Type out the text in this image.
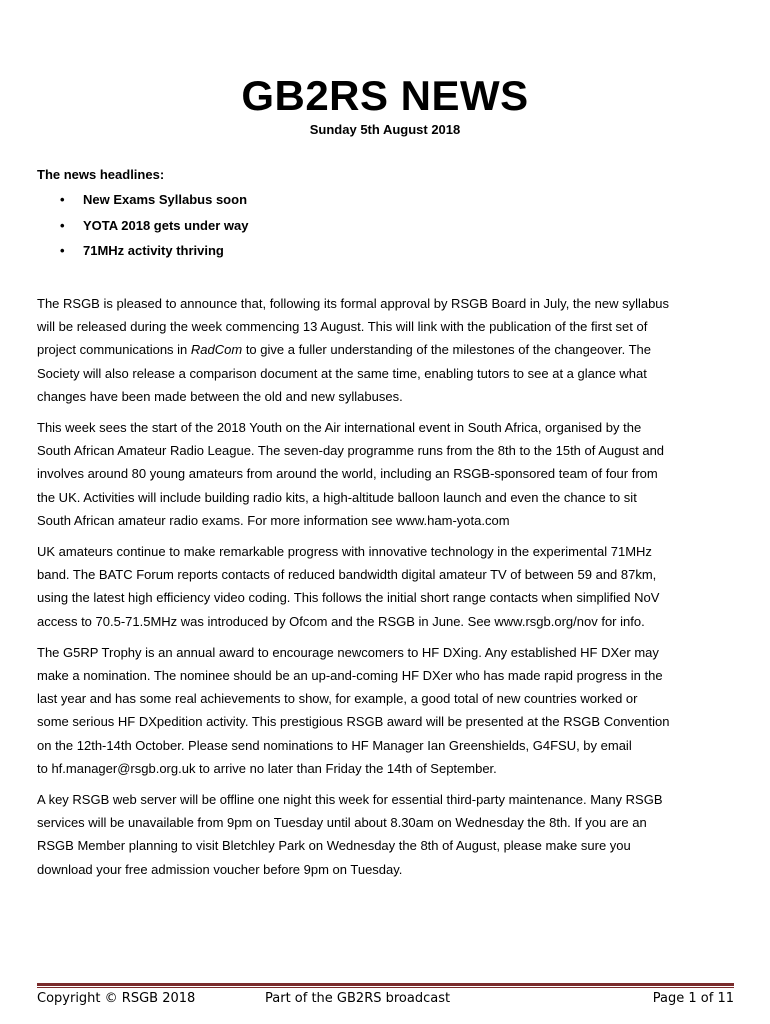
GB2RS NEWS
Sunday 5th August 2018
The news headlines:
• New Exams Syllabus soon
• YOTA 2018 gets under way
• 71MHz activity thriving

The RSGB is pleased to announce that, following its formal approval by RSGB Board in July, the new syllabus
will be released during the week commencing 13 August. This will link with the publication of the first set of
project communications in RadCom to give a fuller understanding of the milestones of the changeover. The
Society will also release a comparison document at the same time, enabling tutors to see at a glance what
changes have been made between the old and new syllabuses.

This week sees the start of the 2018 Youth on the Air international event in South Africa, organised by the
South African Amateur Radio League. The seven-day programme runs from the 8th to the 15th of August and
involves around 80 young amateurs from around the world, including an RSGB-sponsored team of four from
the UK. Activities will include building radio kits, a high-altitude balloon launch and even the chance to sit
South African amateur radio exams. For more information see www.ham-yota.com

UK amateurs continue to make remarkable progress with innovative technology in the experimental 71MHz
band. The BATC Forum reports contacts of reduced bandwidth digital amateur TV of between 59 and 87km,
using the latest high efficiency video coding. This follows the initial short range contacts when simplified NoV
access to 70.5-71.5MHz was introduced by Ofcom and the RSGB in June. See www.rsgb.org/nov for info.

The G5RP Trophy is an annual award to encourage newcomers to HF DXing. Any established HF DXer may
make a nomination. The nominee should be an up-and-coming HF DXer who has made rapid progress in the
last year and has some real achievements to show, for example, a good total of new countries worked or
some serious HF DXpedition activity. This prestigious RSGB award will be presented at the RSGB Convention
on the 12th-14th October. Please send nominations to HF Manager Ian Greenshields, G4FSU, by email
to hf.manager@rsgb.org.uk to arrive no later than Friday the 14th of September.

A key RSGB web server will be offline one night this week for essential third-party maintenance. Many RSGB
services will be unavailable from 9pm on Tuesday until about 8.30am on Wednesday the 8th. If you are an
RSGB Member planning to visit Bletchley Park on Wednesday the 8th of August, please make sure you
download your free admission voucher before 9pm on Tuesday.

Copyright © RSGB 2018	Part of the GB2RS broadcast	Page 1 of 11
